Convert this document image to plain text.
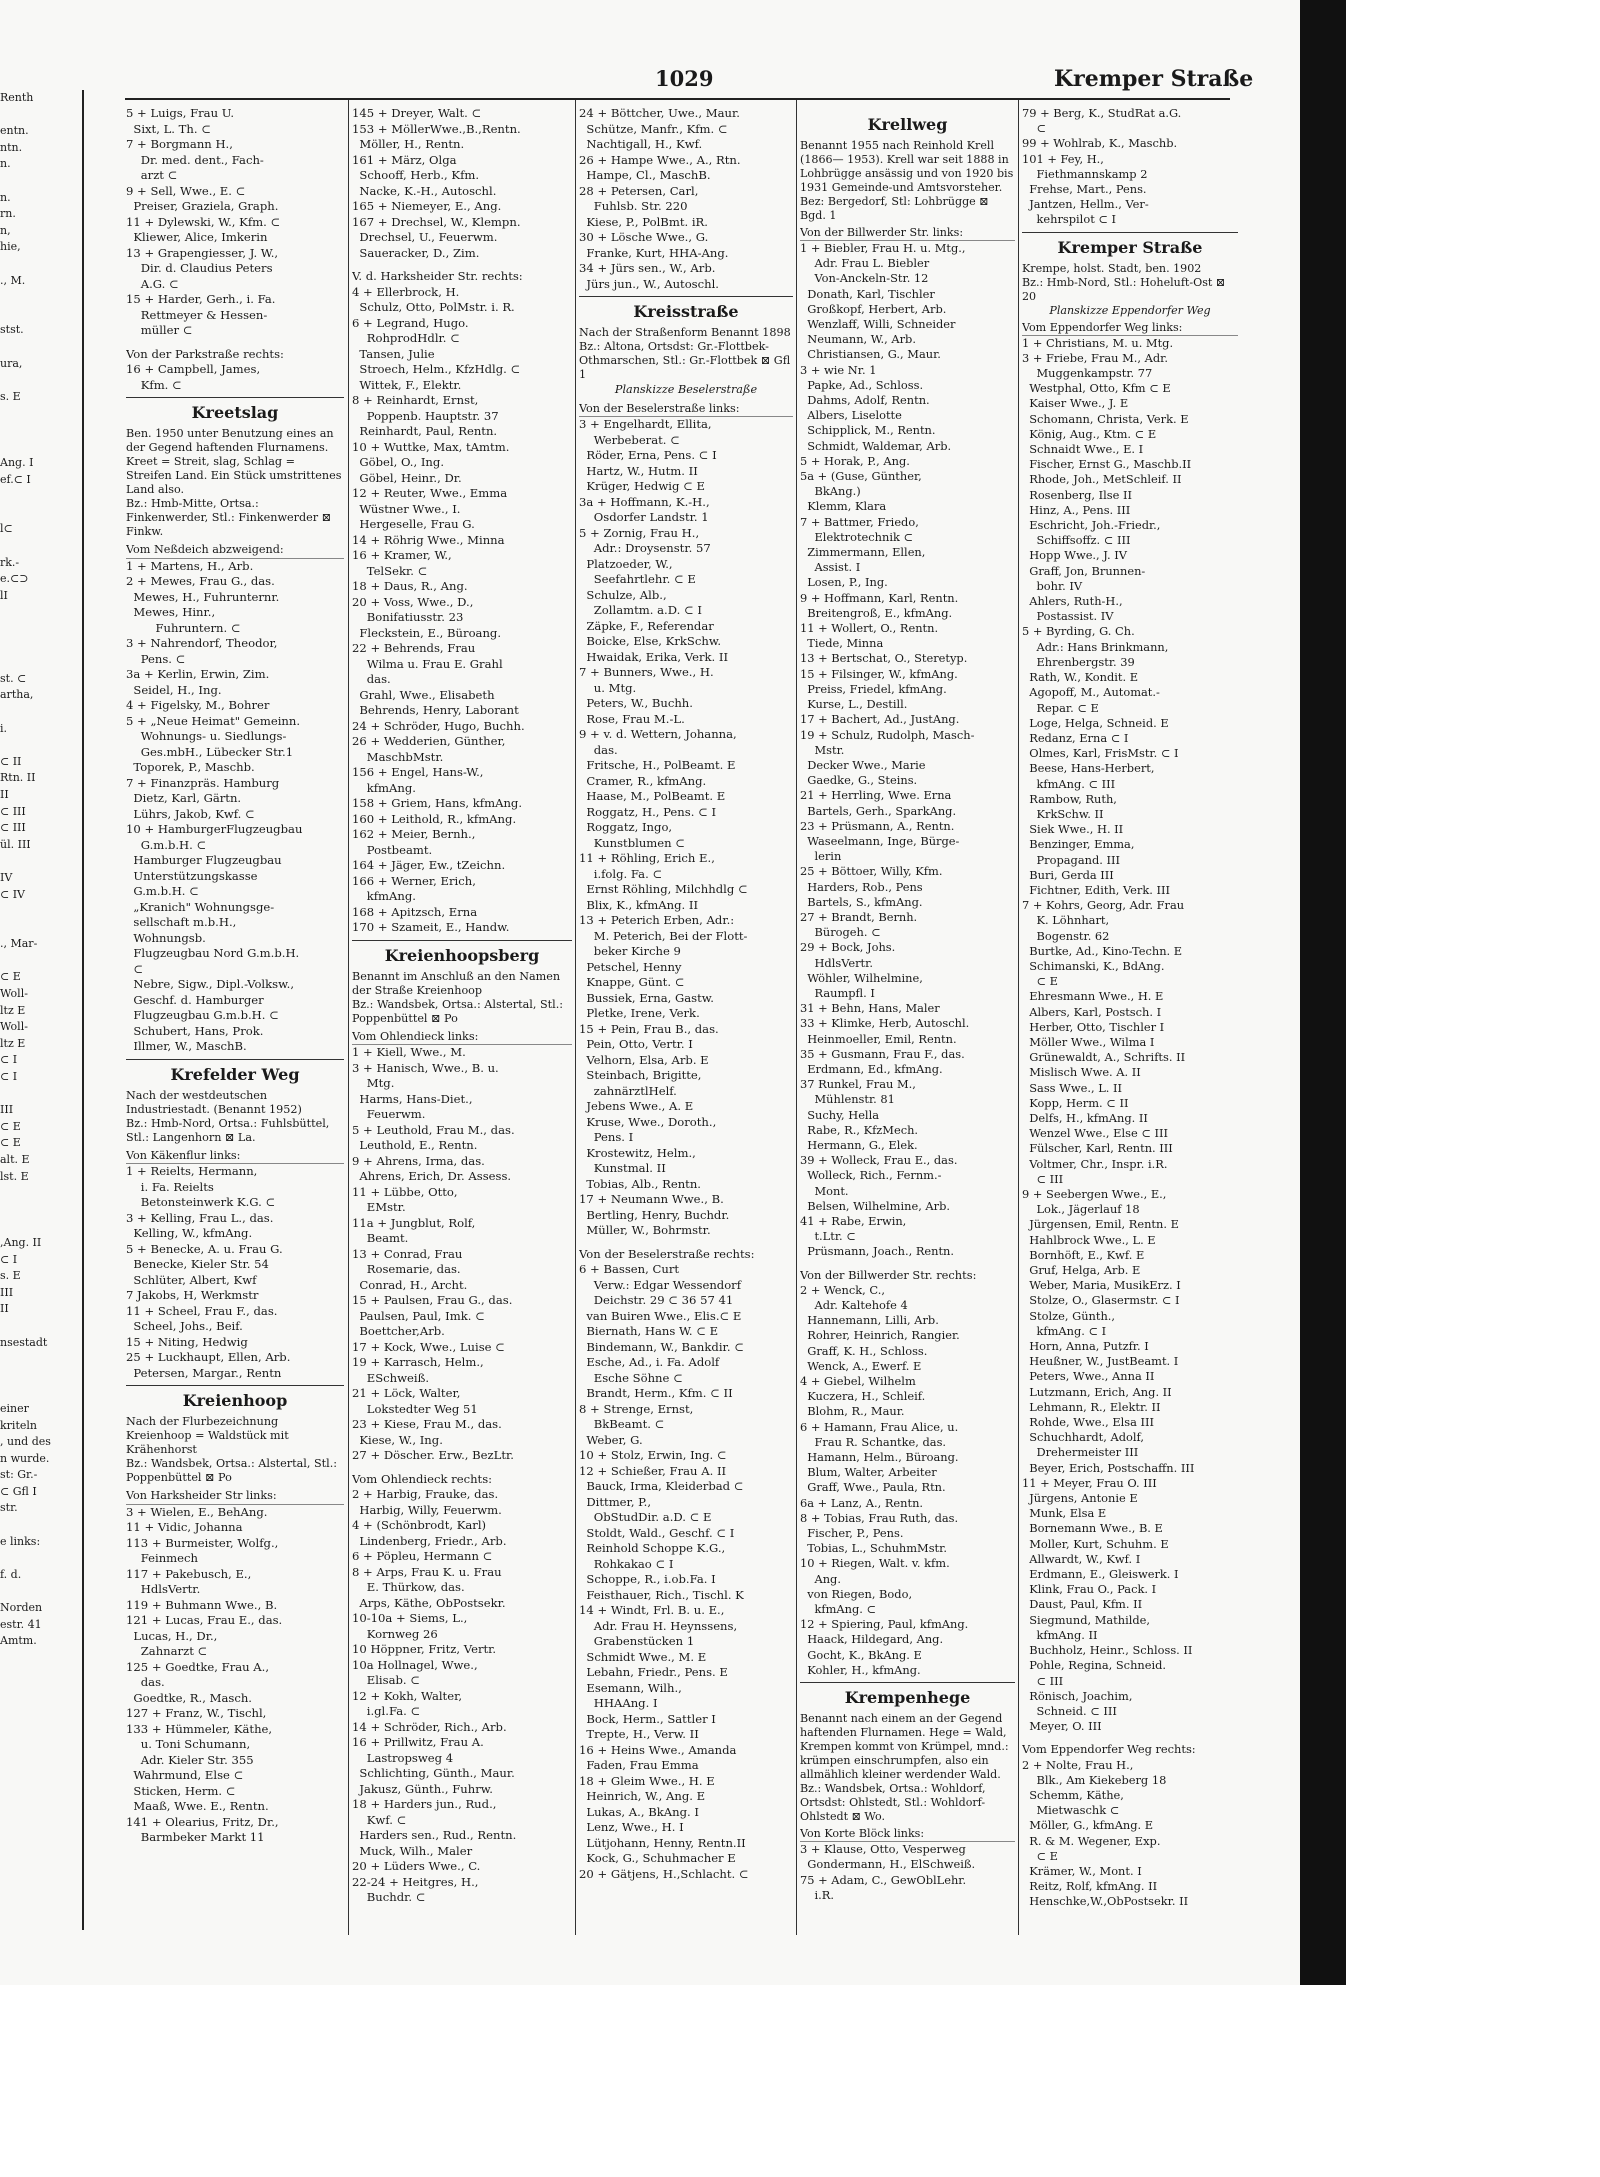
Renth

entn.
ntn.
n.

n.
rn.
n,
hie,

., M.

stst.

ura,

s. E

Ang. I
ef.⊂ I

l⊂

rk.-
e.⊂⊃
lI

st. ⊂
artha,

i.

⊂ II
Rtn. II
II
⊂ III
⊂ III
ül. III

IV
⊂ IV

., Mar-

⊂ E
Woll-
ltz E
Woll-
ltz E
⊂ I
⊂ I

III
⊂ E
⊂ E
alt. E
lst. E

,Ang. II
⊂ I
s. E
III
II

nsestadt

einer
kriteln
, und des
n wurde.
st: Gr.-
⊂ Gfl I
str.

e links:

f. d.

Norden
estr. 41
Amtm.
1029	Kremper Straße
5 + Luigs, Frau U.
Sixt, L. Th. ⊂
7 + Borgmann H.,
Dr. med. dent., Fach-
arzt ⊂
9 + Sell, Wwe., E. ⊂
Preiser, Graziela, Graph.
11 + Dylewski, W., Kfm. ⊂
Kliewer, Alice, Imkerin
13 + Grapengiesser, J. W.,
Dir. d. Claudius Peters
A.G. ⊂
15 + Harder, Gerh., i. Fa.
Rettmeyer & Hessen-
müller ⊂
Von der Parkstraße rechts:
16 + Campbell, James,
Kfm. ⊂
Kreetslag
Ben. 1950 unter Benutzung eines an der Gegend haftenden Flurnamens. Kreet = Streit, slag, Schlag = Streifen Land. Ein Stück umstrittenes Land also.
Bz.: Hmb-Mitte, Ortsa.: Finkenwerder, Stl.: Finkenwerder ⊠ Finkw.
Vom Neßdeich abzweigend:
1 + Martens, H., Arb.
2 + Mewes, Frau G., das.
Mewes, H., Fuhrunternr.
Mewes, Hinr.,
Fuhruntern. ⊂
3 + Nahrendorf, Theodor,
Pens. ⊂
3a + Kerlin, Erwin, Zim.
Seidel, H., Ing.
4 + Figelsky, M., Bohrer
5 + „Neue Heimat" Gemeinn.
Wohnungs- u. Siedlungs-
Ges.mbH., Lübecker Str.1
Toporek, P., Maschb.
7 + Finanzpräs. Hamburg
Dietz, Karl, Gärtn.
Lührs, Jakob, Kwf. ⊂
10 + HamburgerFlugzeugbau
G.m.b.H. ⊂
Hamburger Flugzeugbau
Unterstützungskasse
G.m.b.H. ⊂
„Kranich" Wohnungsge-
sellschaft m.b.H.,
Wohnungsb.
Flugzeugbau Nord G.m.b.H.
⊂
Nebre, Sigw., Dipl.-Volksw.,
Geschf. d. Hamburger
Flugzeugbau G.m.b.H. ⊂
Schubert, Hans, Prok.
Illmer, W., MaschB.
Krefelder Weg
Nach der westdeutschen Industriestadt. (Benannt 1952)
Bz.: Hmb-Nord, Ortsa.: Fuhlsbüttel, Stl.: Langenhorn ⊠ La.
Von Käkenflur links:
1 + Reielts, Hermann,
i. Fa. Reielts
Betonsteinwerk K.G. ⊂
3 + Kelling, Frau L., das.
Kelling, W., kfmAng.
5 + Benecke, A. u. Frau G.
Benecke, Kieler Str. 54
Schlüter, Albert, Kwf
7 Jakobs, H, Werkmstr
11 + Scheel, Frau F., das.
Scheel, Johs., Beif.
15 + Niting, Hedwig
25 + Luckhaupt, Ellen, Arb.
Petersen, Margar., Rentn
Kreienhoop
Nach der Flurbezeichnung Kreienhoop = Waldstück mit Krähenhorst
Bz.: Wandsbek, Ortsa.: Alstertal, Stl.: Poppenbüttel ⊠ Po
Von Harksheider Str links:
3 + Wielen, E., BehAng.
11 + Vidic, Johanna
113 + Burmeister, Wolfg.,
Feinmech
117 + Pakebusch, E.,
HdlsVertr.
119 + Buhmann Wwe., B.
121 + Lucas, Frau E., das.
Lucas, H., Dr.,
Zahnarzt ⊂
125 + Goedtke, Frau A.,
das.
Goedtke, R., Masch.
127 + Franz, W., Tischl,
133 + Hümmeler, Käthe,
u. Toni Schumann,
Adr. Kieler Str. 355
Wahrmund, Else ⊂
Sticken, Herm. ⊂
Maaß, Wwe. E., Rentn.
141 + Olearius, Fritz, Dr.,
Barmbeker Markt 11
145 + Dreyer, Walt. ⊂
153 + MöllerWwe.,B.,Rentn.
Möller, H., Rentn.
161 + März, Olga
Schooff, Herb., Kfm.
Nacke, K.-H., Autoschl.
165 + Niemeyer, E., Ang.
167 + Drechsel, W., Klempn.
Drechsel, U., Feuerwm.
Saueracker, D., Zim.
V. d. Harksheider Str. rechts:
4 + Ellerbrock, H.
Schulz, Otto, PolMstr. i. R.
6 + Legrand, Hugo.
RohprodHdlr. ⊂
Tansen, Julie
Stroech, Helm., KfzHdlg. ⊂
Wittek, F., Elektr.
8 + Reinhardt, Ernst,
Poppenb. Hauptstr. 37
Reinhardt, Paul, Rentn.
10 + Wuttke, Max, tAmtm.
Göbel, O., Ing.
Göbel, Heinr., Dr.
12 + Reuter, Wwe., Emma
Wüstner Wwe., I.
Hergeselle, Frau G.
14 + Röhrig Wwe., Minna
16 + Kramer, W.,
TelSekr. ⊂
18 + Daus, R., Ang.
20 + Voss, Wwe., D.,
Bonifatiusstr. 23
Fleckstein, E., Büroang.
22 + Behrends, Frau
Wilma u. Frau E. Grahl
das.
Grahl, Wwe., Elisabeth
Behrends, Henry, Laborant
24 + Schröder, Hugo, Buchh.
26 + Wedderien, Günther,
MaschbMstr.
156 + Engel, Hans-W.,
kfmAng.
158 + Griem, Hans, kfmAng.
160 + Leithold, R., kfmAng.
162 + Meier, Bernh.,
Postbeamt.
164 + Jäger, Ew., tZeichn.
166 + Werner, Erich,
kfmAng.
168 + Apitzsch, Erna
170 + Szameit, E., Handw.
Kreienhoopsberg
Benannt im Anschluß an den Namen der Straße Kreienhoop
Bz.: Wandsbek, Ortsa.: Alstertal, Stl.: Poppenbüttel ⊠ Po
Vom Ohlendieck links:
1 + Kiell, Wwe., M.
3 + Hanisch, Wwe., B. u.
Mtg.
Harms, Hans-Diet.,
Feuerwm.
5 + Leuthold, Frau M., das.
Leuthold, E., Rentn.
9 + Ahrens, Irma, das.
Ahrens, Erich, Dr. Assess.
11 + Lübbe, Otto,
EMstr.
11a + Jungblut, Rolf,
Beamt.
13 + Conrad, Frau
Rosemarie, das.
Conrad, H., Archt.
15 + Paulsen, Frau G., das.
Paulsen, Paul, Imk. ⊂
Boettcher,Arb.
17 + Kock, Wwe., Luise ⊂
19 + Karrasch, Helm.,
ESchweiß.
21 + Löck, Walter,
Lokstedter Weg 51
23 + Kiese, Frau M., das.
Kiese, W., Ing.
27 + Döscher. Erw., BezLtr.
Vom Ohlendieck rechts:
2 + Harbig, Frauke, das.
Harbig, Willy, Feuerwm.
4 + (Schönbrodt, Karl)
Lindenberg, Friedr., Arb.
6 + Pöpleu, Hermann ⊂
8 + Arps, Frau K. u. Frau
E. Thürkow, das.
Arps, Käthe, ObPostsekr.
10-10a + Siems, L.,
Kornweg 26
10 Höppner, Fritz, Vertr.
10a Hollnagel, Wwe.,
Elisab. ⊂
12 + Kokh, Walter,
i.gl.Fa. ⊂
14 + Schröder, Rich., Arb.
16 + Prillwitz, Frau A.
Lastropsweg 4
Schlichting, Günth., Maur.
Jakusz, Günth., Fuhrw.
18 + Harders jun., Rud.,
Kwf. ⊂
Harders sen., Rud., Rentn.
Muck, Wilh., Maler
20 + Lüders Wwe., C.
22-24 + Heitgres, H.,
Buchdr. ⊂
24 + Böttcher, Uwe., Maur.
Schütze, Manfr., Kfm. ⊂
Nachtigall, H., Kwf.
26 + Hampe Wwe., A., Rtn.
Hampe, Cl., MaschB.
28 + Petersen, Carl,
Fuhlsb. Str. 220
Kiese, P., PolBmt. iR.
30 + Lösche Wwe., G.
Franke, Kurt, HHA-Ang.
34 + Jürs sen., W., Arb.
Jürs jun., W., Autoschl.
Kreisstraße
Nach der Straßenform Benannt 1898
Bz.: Altona, Ortsdst: Gr.-Flottbek-Othmarschen, Stl.: Gr.-Flottbek ⊠ Gfl 1
Planskizze Beselerstraße
Von der Beselerstraße links:
3 + Engelhardt, Ellita,
Werbeberat. ⊂
Röder, Erna, Pens. ⊂ I
Hartz, W., Hutm. II
Krüger, Hedwig ⊂ E
3a + Hoffmann, K.-H.,
Osdorfer Landstr. 1
5 + Zornig, Frau H.,
Adr.: Droysenstr. 57
Platzoeder, W.,
Seefahrtlehr. ⊂ E
Schulze, Alb.,
Zollamtm. a.D. ⊂ I
Zäpke, F., Referendar
Boicke, Else, KrkSchw.
Hwaidak, Erika, Verk. II
7 + Bunners, Wwe., H.
u. Mtg.
Peters, W., Buchh.
Rose, Frau M.-L.
9 + v. d. Wettern, Johanna,
das.
Fritsche, H., PolBeamt. E
Cramer, R., kfmAng.
Haase, M., PolBeamt. E
Roggatz, H., Pens. ⊂ I
Roggatz, Ingo,
Kunstblumen ⊂
11 + Röhling, Erich E.,
i.folg. Fa. ⊂
Ernst Röhling, Milchhdlg ⊂
Blix, K., kfmAng. II
13 + Peterich Erben, Adr.:
M. Peterich, Bei der Flott-
beker Kirche 9
Petschel, Henny
Knappe, Günt. ⊂
Bussiek, Erna, Gastw.
Pletke, Irene, Verk.
15 + Pein, Frau B., das.
Pein, Otto, Vertr. I
Velhorn, Elsa, Arb. E
Steinbach, Brigitte,
zahnärztlHelf.
Jebens Wwe., A. E
Kruse, Wwe., Doroth.,
Pens. I
Krostewitz, Helm.,
Kunstmal. II
Tobias, Alb., Rentn.
17 + Neumann Wwe., B.
Bertling, Henry, Buchdr.
Müller, W., Bohrmstr.
Von der Beselerstraße rechts:
6 + Bassen, Curt
Verw.: Edgar Wessendorf
Deichstr. 29 ⊂ 36 57 41
van Buiren Wwe., Elis.⊂ E
Biernath, Hans W. ⊂ E
Bindemann, W., Bankdir. ⊂
Esche, Ad., i. Fa. Adolf
Esche Söhne ⊂
Brandt, Herm., Kfm. ⊂ II
8 + Strenge, Ernst,
BkBeamt. ⊂
Weber, G.
10 + Stolz, Erwin, Ing. ⊂
12 + Schießer, Frau A. II
Bauck, Irma, Kleiderbad ⊂
Dittmer, P.,
ObStudDir. a.D. ⊂ E
Stoldt, Wald., Geschf. ⊂ I
Reinhold Schoppe K.G.,
Rohkakao ⊂ I
Schoppe, R., i.ob.Fa. I
Feisthauer, Rich., Tischl. K
14 + Windt, Frl. B. u. E.,
Adr. Frau H. Heynssens,
Grabenstücken 1
Schmidt Wwe., M. E
Lebahn, Friedr., Pens. E
Esemann, Wilh.,
HHAAng. I
Bock, Herm., Sattler I
Trepte, H., Verw. II
16 + Heins Wwe., Amanda
Faden, Frau Emma
18 + Gleim Wwe., H. E
Heinrich, W., Ang. E
Lukas, A., BkAng. I
Lenz, Wwe., H. I
Lütjohann, Henny, Rentn.II
Kock, G., Schuhmacher E
20 + Gätjens, H.,Schlacht. ⊂
Krellweg
Benannt 1955 nach Reinhold Krell (1866— 1953). Krell war seit 1888 in Lohbrügge ansässig und von 1920 bis 1931 Gemeinde-und Amtsvorsteher.
Bez: Bergedorf, Stl: Lohbrügge ⊠ Bgd. 1
Von der Billwerder Str. links:
1 + Biebler, Frau H. u. Mtg.,
Adr. Frau L. Biebler
Von-Anckeln-Str. 12
Donath, Karl, Tischler
Großkopf, Herbert, Arb.
Wenzlaff, Willi, Schneider
Neumann, W., Arb.
Christiansen, G., Maur.
3 + wie Nr. 1
Papke, Ad., Schloss.
Dahms, Adolf, Rentn.
Albers, Liselotte
Schipplick, M., Rentn.
Schmidt, Waldemar, Arb.
5 + Horak, P., Ang.
5a + (Guse, Günther,
BkAng.)
Klemm, Klara
7 + Battmer, Friedo,
Elektrotechnik ⊂
Zimmermann, Ellen,
Assist. I
Losen, P., Ing.
9 + Hoffmann, Karl, Rentn.
Breitengroß, E., kfmAng.
11 + Wollert, O., Rentn.
Tiede, Minna
13 + Bertschat, O., Steretyp.
15 + Filsinger, W., kfmAng.
Preiss, Friedel, kfmAng.
Kurse, L., Destill.
17 + Bachert, Ad., JustAng.
19 + Schulz, Rudolph, Masch-
Mstr.
Decker Wwe., Marie
Gaedke, G., Steins.
21 + Herrling, Wwe. Erna
Bartels, Gerh., SparkAng.
23 + Prüsmann, A., Rentn.
Waseelmann, Inge, Bürge-
lerin
25 + Böttoer, Willy, Kfm.
Harders, Rob., Pens
Bartels, S., kfmAng.
27 + Brandt, Bernh.
Bürogeh. ⊂
29 + Bock, Johs.
HdlsVertr.
Wöhler, Wilhelmine,
Raumpfl. I
31 + Behn, Hans, Maler
33 + Klimke, Herb, Autoschl.
Heinmoeller, Emil, Rentn.
35 + Gusmann, Frau F., das.
Erdmann, Ed., kfmAng.
37 Runkel, Frau M.,
Mühlenstr. 81
Suchy, Hella
Rabe, R., KfzMech.
Hermann, G., Elek.
39 + Wolleck, Frau E., das.
Wolleck, Rich., Fernm.-
Mont.
Belsen, Wilhelmine, Arb.
41 + Rabe, Erwin,
t.Ltr. ⊂
Prüsmann, Joach., Rentn.
Von der Billwerder Str. rechts:
2 + Wenck, C.,
Adr. Kaltehofe 4
Hannemann, Lilli, Arb.
Rohrer, Heinrich, Rangier.
Graff, K. H., Schloss.
Wenck, A., Ewerf. E
4 + Giebel, Wilhelm
Kuczera, H., Schleif.
Blohm, R., Maur.
6 + Hamann, Frau Alice, u.
Frau R. Schantke, das.
Hamann, Helm., Büroang.
Blum, Walter, Arbeiter
Graff, Wwe., Paula, Rtn.
6a + Lanz, A., Rentn.
8 + Tobias, Frau Ruth, das.
Fischer, P., Pens.
Tobias, L., SchuhmMstr.
10 + Riegen, Walt. v. kfm.
Ang.
von Riegen, Bodo,
kfmAng. ⊂
12 + Spiering, Paul, kfmAng.
Haack, Hildegard, Ang.
Gocht, K., BkAng. E
Kohler, H., kfmAng.
Krempenhege
Benannt nach einem an der Gegend haftenden Flurnamen. Hege = Wald, Krempen kommt von Krümpel, mnd.: krümpen einschrumpfen, also ein allmählich kleiner werdender Wald.
Bz.: Wandsbek, Ortsa.: Wohldorf, Ortsdst: Ohlstedt, Stl.: Wohldorf-Ohlstedt ⊠ Wo.
Von Korte Blöck links:
3 + Klause, Otto, Vesperweg
Gondermann, H., ElSchweiß.
75 + Adam, C., GewOblLehr.
i.R.
79 + Berg, K., StudRat a.G.
⊂
99 + Wohlrab, K., Maschb.
101 + Fey, H.,
Fiethmannskamp 2
Frehse, Mart., Pens.
Jantzen, Hellm., Ver-
kehrspilot ⊂ I
Kremper Straße
Krempe, holst. Stadt, ben. 1902
Bz.: Hmb-Nord, Stl.: Hoheluft-Ost ⊠ 20
Planskizze Eppendorfer Weg
Vom Eppendorfer Weg links:
1 + Christians, M. u. Mtg.
3 + Friebe, Frau M., Adr.
Muggenkampstr. 77
Westphal, Otto, Kfm ⊂ E
Kaiser Wwe., J. E
Schomann, Christa, Verk. E
König, Aug., Ktm. ⊂ E
Schnaidt Wwe., E. I
Fischer, Ernst G., Maschb.II
Rhode, Joh., MetSchleif. II
Rosenberg, Ilse II
Hinz, A., Pens. III
Eschricht, Joh.-Friedr.,
Schiffsoffz. ⊂ III
Hopp Wwe., J. IV
Graff, Jon, Brunnen-
bohr. IV
Ahlers, Ruth-H.,
Postassist. IV
5 + Byrding, G. Ch.
Adr.: Hans Brinkmann,
Ehrenbergstr. 39
Rath, W., Kondit. E
Agopoff, M., Automat.-
Repar. ⊂ E
Loge, Helga, Schneid. E
Redanz, Erna ⊂ I
Olmes, Karl, FrisMstr. ⊂ I
Beese, Hans-Herbert,
kfmAng. ⊂ III
Rambow, Ruth,
KrkSchw. II
Siek Wwe., H. II
Benzinger, Emma,
Propagand. III
Buri, Gerda III
Fichtner, Edith, Verk. III
7 + Kohrs, Georg, Adr. Frau
K. Löhnhart,
Bogenstr. 62
Burtke, Ad., Kino-Techn. E
Schimanski, K., BdAng.
⊂ E
Ehresmann Wwe., H. E
Albers, Karl, Postsch. I
Herber, Otto, Tischler I
Möller Wwe., Wilma I
Grünewaldt, A., Schrifts. II
Mislisch Wwe. A. II
Sass Wwe., L. II
Kopp, Herm. ⊂ II
Delfs, H., kfmAng. II
Wenzel Wwe., Else ⊂ III
Fülscher, Karl, Rentn. III
Voltmer, Chr., Inspr. i.R.
⊂ III
9 + Seebergen Wwe., E.,
Lok., Jägerlauf 18
Jürgensen, Emil, Rentn. E
Hahlbrock Wwe., L. E
Bornhöft, E., Kwf. E
Gruf, Helga, Arb. E
Weber, Maria, MusikErz. I
Stolze, O., Glasermstr. ⊂ I
Stolze, Günth.,
kfmAng. ⊂ I
Horn, Anna, Putzfr. I
Heußner, W., JustBeamt. I
Peters, Wwe., Anna II
Lutzmann, Erich, Ang. II
Lehmann, R., Elektr. II
Rohde, Wwe., Elsa III
Schuchhardt, Adolf,
Drehermeister III
Beyer, Erich, Postschaffn. III
11 + Meyer, Frau O. III
Jürgens, Antonie E
Munk, Elsa E
Bornemann Wwe., B. E
Moller, Kurt, Schuhm. E
Allwardt, W., Kwf. I
Erdmann, E., Gleiswerk. I
Klink, Frau O., Pack. I
Daust, Paul, Kfm. II
Siegmund, Mathilde,
kfmAng. II
Buchholz, Heinr., Schloss. II
Pohle, Regina, Schneid.
⊂ III
Rönisch, Joachim,
Schneid. ⊂ III
Meyer, O. III
Vom Eppendorfer Weg rechts:
2 + Nolte, Frau H.,
Blk., Am Kiekeberg 18
Schemm, Käthe,
Mietwaschk ⊂
Möller, G., kfmAng. E
R. & M. Wegener, Exp.
⊂ E
Krämer, W., Mont. I
Reitz, Rolf, kfmAng. II
Henschke,W.,ObPostsekr. II
